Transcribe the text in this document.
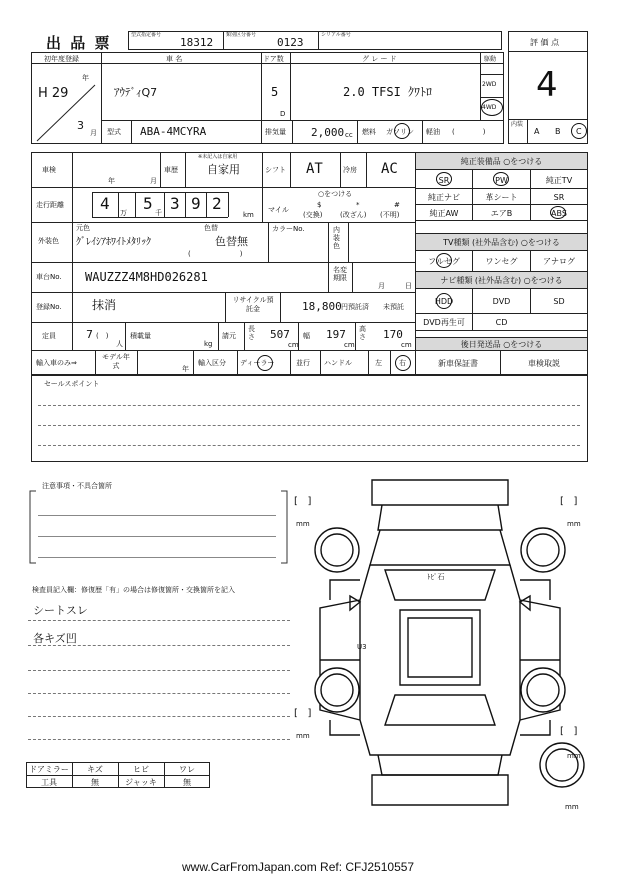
出 品 票	型式指定番号
18312
類別区分番号
0123
シリアル番号
評 価 点
4
内装
A B C
初年度登録
H 29
年
3
月
車 名
ｱｳﾃﾞｨQ7
ドア数
5
D
グ レ ー ド
2.0 TFSI ｸﾜﾄﾛ
駆動
2WD
4WD
型式 ABA-4MCYRA	排気量 2,000 cc 燃料 ガソリン 軽油 (　　　　)
車検
年	月
車歴
※未記入は自家用
自家用	シフト AT	冷房 AC
走行距離 4 万 5 千 3 9 2
km
○をつける
マイル
$
(交換)
*
(改ざん)
#
(不明)
外装色
元色	色替
ｸﾞﾚｲｼｱﾎﾜｲﾄﾒﾀﾘｯｸ	色替無
(　　　　　　　)
カラーNo.	内装色
車台No. WAUZZZ4M8HD026281	名変期限
月	日
登録No.	抹消	リサイクル預託金	18,800 円預託済 未預託
定員	7 (　)
人
積載量
kg
請元
長さ 507
cm
幅 197
cm
高さ 170
cm
輸入車のみ⇒
モデル年式	年
輸入区分 ディーラー	並行 ハンドル	左 右
純正装備品 ○をつける
SR	PW	純正TV
純正ナビ	革シート	SR
純正AW	エアB	ABS
TV種類 (社外品含む) ○をつける
フルセグ	ワンセグ	アナログ
ナビ種類 (社外品含む) ○をつける
HDD	DVD	SD
DVD再生可	CD
後日発送品 ○をつける
新車保証書	車検取説
セールスポイント
注意事項・不具合箇所
検査員記入欄：修復歴「有」の場合は修復箇所・交換箇所を記入
シートスレ
各キズ凹
ドアミラー	キズ	ヒビ	ワレ
工具	無	ジャッキ	無
ﾄﾋﾟ石
U3
[   ]
mm
[   ]
mm
[   ]
mm	[   ]
mm
mm
www.CarFromJapan.com Ref: CFJ2510557
